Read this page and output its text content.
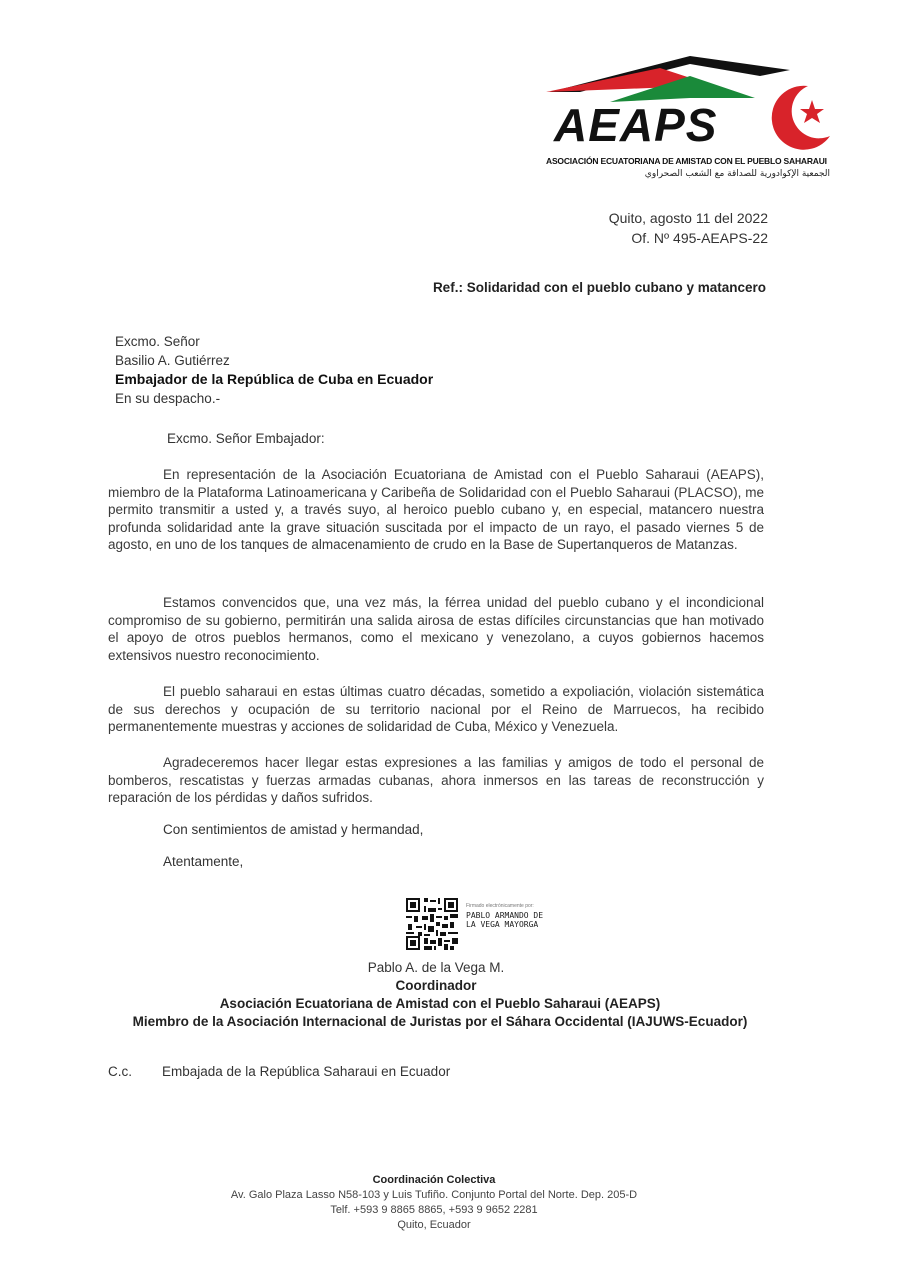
AEAPS
ASOCIACIÓN ECUATORIANA DE AMISTAD CON EL PUEBLO SAHARAUI
الجمعية الإكوادورية للصداقة مع الشعب الصحراوي
Quito, agosto 11 del 2022
Of. Nº 495-AEAPS-22
Ref.: Solidaridad con el pueblo cubano y matancero
Excmo. Señor
Basilio A. Gutiérrez
Embajador de la República de Cuba en Ecuador
En su despacho.-
Excmo. Señor Embajador:
En representación de la Asociación Ecuatoriana de Amistad con el Pueblo Saharaui (AEAPS), miembro de la Plataforma Latinoamericana y Caribeña de Solidaridad con el Pueblo Saharaui (PLACSO), me permito transmitir a usted y, a través suyo, al heroico pueblo cubano y, en especial, matancero nuestra profunda solidaridad ante la grave situación suscitada por el impacto de un rayo, el pasado viernes 5 de agosto, en uno de los tanques de almacenamiento de crudo en la Base de Supertanqueros de Matanzas.
Estamos convencidos que, una vez más, la férrea unidad del pueblo cubano y el incondicional compromiso de su gobierno, permitirán una salida airosa de estas difíciles circunstancias que han motivado el apoyo de otros pueblos hermanos, como el mexicano y venezolano, a cuyos gobiernos hacemos extensivos nuestro reconocimiento.
El pueblo saharaui en estas últimas cuatro décadas, sometido a expoliación, violación sistemática de sus derechos y ocupación de su territorio nacional por el Reino de Marruecos, ha recibido permanentemente muestras y acciones de solidaridad de Cuba, México y Venezuela.
Agradeceremos hacer llegar estas expresiones a las familias y amigos de todo el personal de bomberos, rescatistas y fuerzas armadas cubanas, ahora inmersos en las tareas de reconstrucción y reparación de los pérdidas y daños sufridos.
Con sentimientos de amistad y hermandad,
Atentamente,
Firmado electrónicamente por:
PABLO ARMANDO DE
LA VEGA MAYORGA
Pablo A. de la Vega M.
Coordinador
Asociación Ecuatoriana de Amistad con el Pueblo Saharaui (AEAPS)
Miembro de la Asociación Internacional de Juristas por el Sáhara Occidental (IAJUWS-Ecuador)
C.c. Embajada de la República Saharaui en Ecuador
Coordinación Colectiva
Av. Galo Plaza Lasso N58-103 y Luis Tufiño. Conjunto Portal del Norte. Dep. 205-D
Telf. +593 9 8865 8865, +593 9 9652 2281
Quito, Ecuador
